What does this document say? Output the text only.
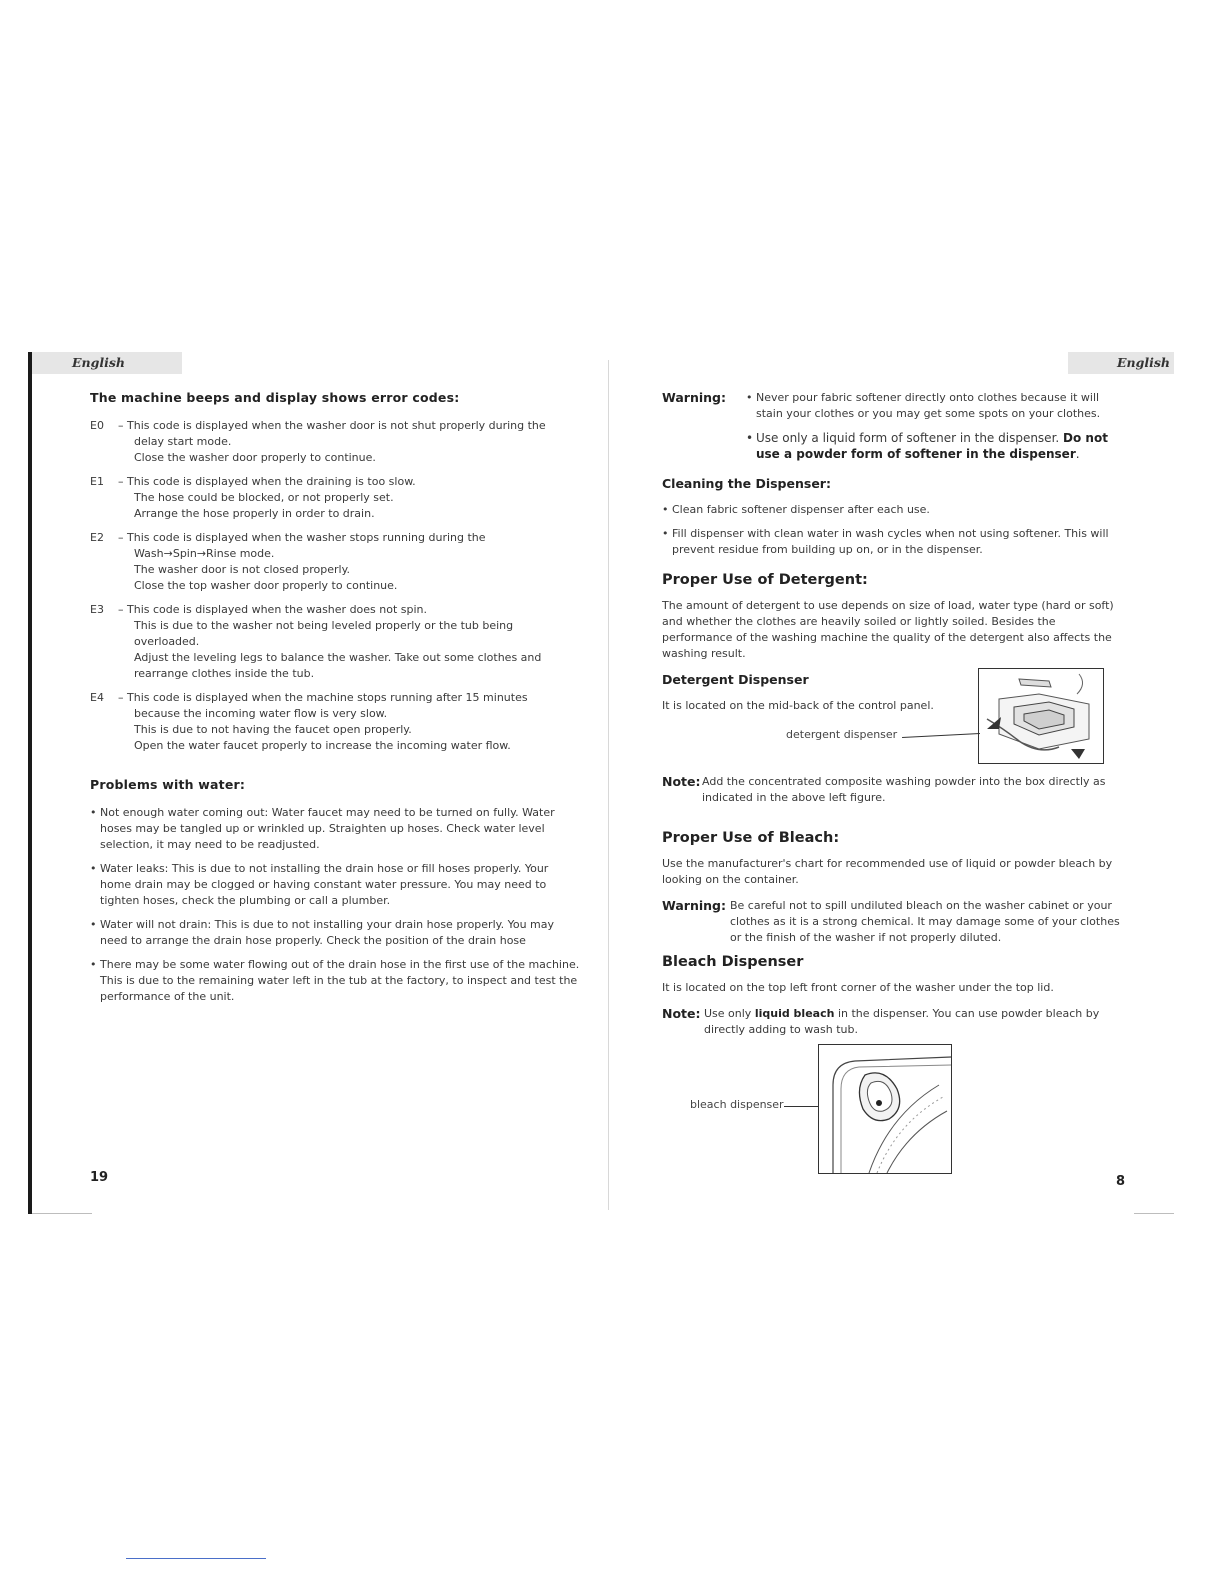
English
The machine beeps and display shows error codes:
E0	– This code is displayed when the washer door is not shut properly during the
delay start mode.
Close the washer door properly to continue.
E1	– This code is displayed when the draining is too slow.
The hose could be blocked, or not properly set.
Arrange the hose properly in order to drain.
E2	– This code is displayed when the washer stops running during the
Wash→Spin→Rinse mode.
The washer door is not closed properly.
Close the top washer door properly to continue.
E3	– This code is displayed when the washer does not spin.
This is due to the washer not being leveled properly or the tub being overloaded.
Adjust the leveling legs to balance the washer. Take out some clothes and
rearrange clothes inside the tub.
E4	– This code is displayed when the machine stops running after 15 minutes
because the incoming water flow is very slow.
This is due to not having the faucet open properly.
Open the water faucet properly to increase the incoming water flow.
Problems with water:
• Not enough water coming out: Water faucet may need to be turned on fully. Water hoses may be tangled up or wrinkled up. Straighten up hoses. Check water level selection, it may need to be readjusted.
• Water leaks: This is due to not installing the drain hose or fill hoses properly. Your home drain may be clogged or having constant water pressure. You may need to tighten hoses, check the plumbing or call a plumber.
• Water will not drain: This is due to not installing your drain hose properly. You may need to arrange the drain hose properly. Check the position of the drain hose
• There may be some water flowing out of the drain hose in the first use of the machine. This is due to the remaining water left in the tub at the factory, to inspect and test the performance of the unit.
19
English
Warning:	• Never pour fabric softener directly onto clothes because it will stain your clothes or you may get some spots on your clothes.
• Use only a liquid form of softener in the dispenser. Do not use a powder form of softener in the dispenser.
Cleaning the Dispenser:
• Clean fabric softener dispenser after each use.
• Fill dispenser with clean water in wash cycles when not using softener. This will prevent residue from building up on, or in the dispenser.
Proper Use of Detergent:

The amount of detergent to use depends on size of load, water type (hard or soft) and whether the clothes are heavily soiled or lightly soiled. Besides the performance of the washing machine the quality of the detergent also affects the washing result.

Detergent Dispenser

It is located on the mid-back of the control panel.

detergent dispenser
Note: Add the concentrated composite washing powder into the box directly as indicated in the above left figure.
Proper Use of Bleach:

Use the manufacturer's chart for recommended use of liquid or powder bleach by looking on the container.

Warning: Be careful not to spill undiluted bleach on the washer cabinet or your clothes as it is a strong chemical. It may damage some of your clothes or the finish of the washer if not properly diluted.
Bleach Dispenser

It is located on the top left front corner of the washer under the top lid.

Note: Use only liquid bleach in the dispenser. You can use powder bleach by directly adding to wash tub.
bleach dispenser
8
